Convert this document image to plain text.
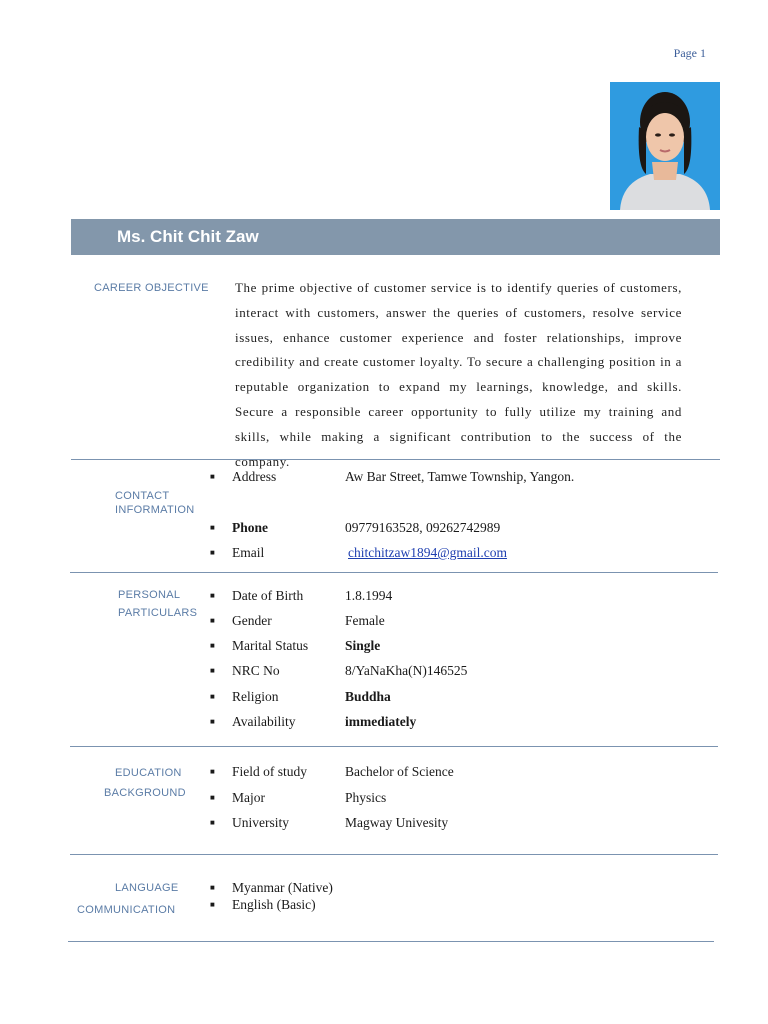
Page 1
Ms. Chit Chit Zaw
CAREER OBJECTIVE The prime objective of customer service is to identify queries of customers, interact with customers, answer the queries of customers, resolve service issues, enhance customer experience and foster relationships, improve credibility and create customer loyalty. To secure a challenging position in a reputable organization to expand my learnings, knowledge, and skills. Secure a responsible career opportunity to fully utilize my training and skills, while making a significant contribution to the success of the company.
CONTACT
INFORMATION
■ Address	Aw Bar Street, Tamwe Township, Yangon.
■ Phone	09779163528, 09262742989
■ Email	chitchitzaw1894@gmail.com
PERSONAL
PARTICULARS
■ Date of Birth	1.8.1994
■ Gender	Female
■ Marital Status	Single
■ NRC No	8/YaNaKha(N)146525
■ Religion	Buddha
■ Availability	immediately
EDUCATION
BACKGROUND
■ Field of study	Bachelor of Science
■ Major	Physics
■ University	Magway Univesity
LANGUAGE
COMMUNICATION
■ Myanmar (Native)
■ English (Basic)
